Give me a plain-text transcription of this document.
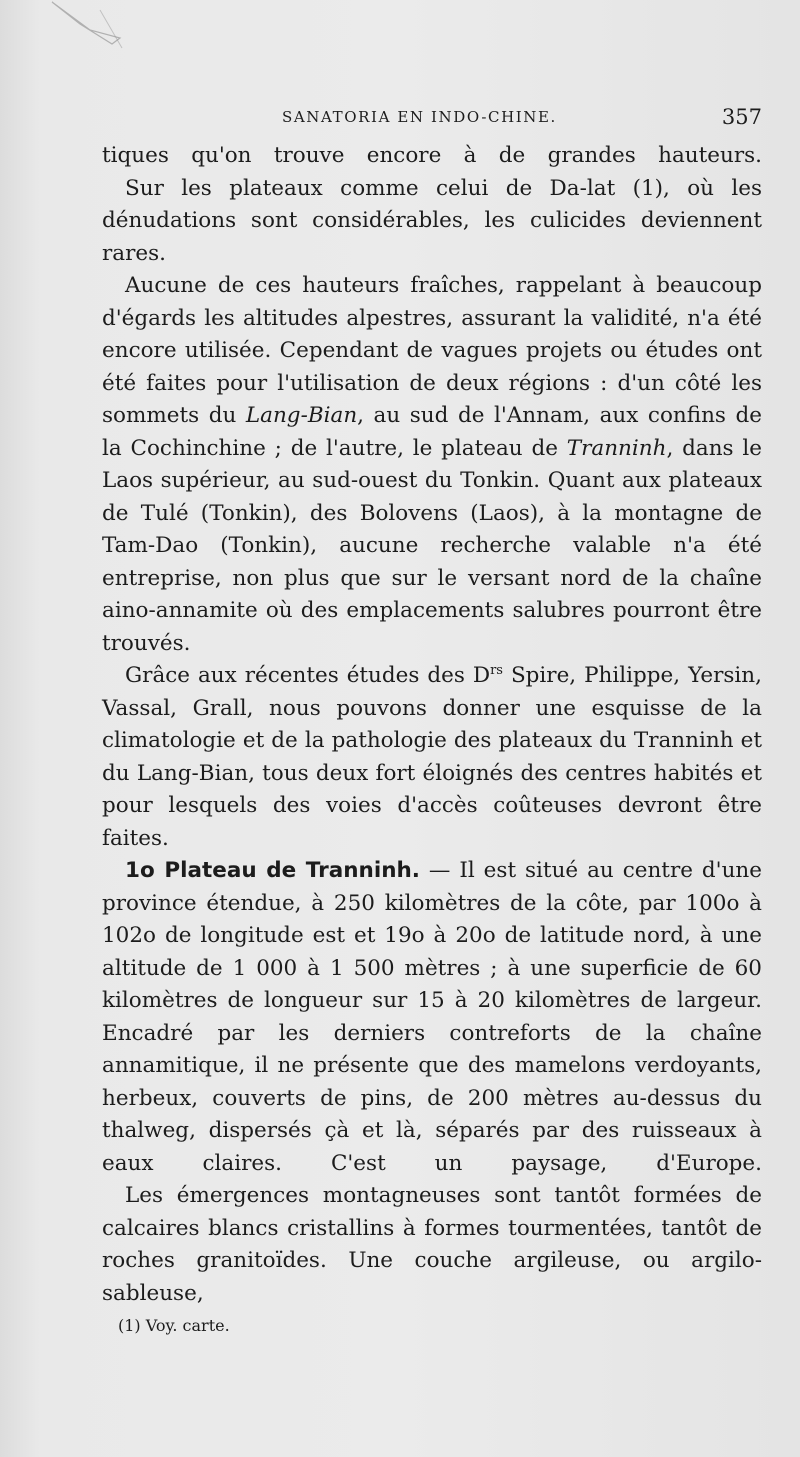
SANATORIA EN INDO-CHINE.	357

tiques qu'on trouve encore à de grandes hauteurs.

Sur les plateaux comme celui de Da-lat (1), où les dénudations sont considérables, les culicides deviennent rares.

Aucune de ces hauteurs fraîches, rappelant à beaucoup d'égards les altitudes alpestres, assurant la validité, n'a été encore utilisée. Cependant de vagues projets ou études ont été faites pour l'utilisation de deux régions : d'un côté les sommets du Lang-Bian, au sud de l'Annam, aux confins de la Cochinchine ; de l'autre, le plateau de Tranninh, dans le Laos supérieur, au sud-ouest du Tonkin. Quant aux plateaux de Tulé (Tonkin), des Bolovens (Laos), à la montagne de Tam-Dao (Tonkin), aucune recherche valable n'a été entreprise, non plus que sur le versant nord de la chaîne aino-annamite où des emplacements salubres pourront être trouvés.

Grâce aux récentes études des $D^{rs}$ Spire, Philippe, Yersin, Vassal, Grall, nous pouvons donner une esquisse de la climatologie et de la pathologie des plateaux du Tranninh et du Lang-Bian, tous deux fort éloignés des centres habités et pour lesquels des voies d'accès coûteuses devront être faites.

1o Plateau de Tranninh. — Il est situé au centre d'une province étendue, à 250 kilomètres de la côte, par 100o à 102o de longitude est et 19o à 20o de latitude nord, à une altitude de 1 000 à 1 500 mètres ; à une superficie de 60 kilomètres de longueur sur 15 à 20 kilomètres de largeur. Encadré par les derniers contreforts de la chaîne annamitique, il ne présente que des mamelons verdoyants, herbeux, couverts de pins, de 200 mètres au-dessus du thalweg, dispersés çà et là, séparés par des ruisseaux à eaux claires. C'est un paysage, d'Europe.

Les émergences montagneuses sont tantôt formées de calcaires blancs cristallins à formes tourmentées, tantôt de roches granitoïdes. Une couche argileuse, ou argilo-sableuse,

(1) Voy. carte.
